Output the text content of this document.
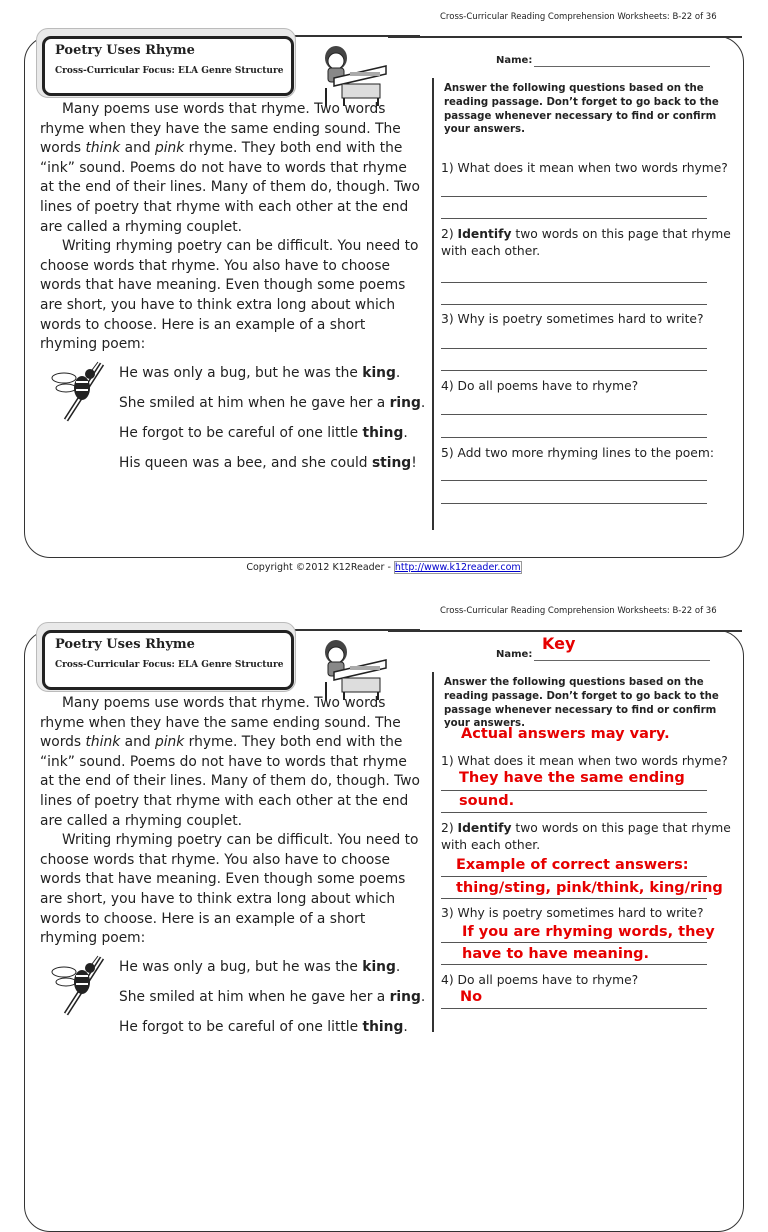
Cross-Curricular Reading Comprehension Worksheets: B-22 of 36
Poetry Uses Rhyme
Cross-Curricular Focus: ELA Genre Structure
Name:

Many poems use words that rhyme. Two words rhyme when they have the same ending sound. The words think and pink rhyme. They both end with the “ink” sound. Poems do not have to words that rhyme at the end of their lines. Many of them do, though. Two lines of poetry that rhyme with each other at the end are called a rhyming couplet.

Writing rhyming poetry can be difficult. You need to choose words that rhyme. You also have to choose words that have meaning. Even though some poems are short, you have to think extra long about which words to choose. Here is an example of a short rhyming poem:

He was only a bug, but he was the king.
She smiled at him when he gave her a ring.
He forgot to be careful of one little thing.
His queen was a bee, and she could sting!
Answer the following questions based on the reading passage. Don’t forget to go back to the passage whenever necessary to find or confirm your answers.
1) What does it mean when two words rhyme?
2) Identify two words on this page that rhyme with each other.
3) Why is poetry sometimes hard to write?
4) Do all poems have to rhyme?
5) Add two more rhyming lines to the poem:
Copyright ©2012 K12Reader - http://www.k12reader.com
Cross-Curricular Reading Comprehension Worksheets: B-22 of 36
Poetry Uses Rhyme
Cross-Curricular Focus: ELA Genre Structure
Name:
Key

Many poems use words that rhyme. Two words rhyme when they have the same ending sound. The words think and pink rhyme. They both end with the “ink” sound. Poems do not have to words that rhyme at the end of their lines. Many of them do, though. Two lines of poetry that rhyme with each other at the end are called a rhyming couplet.

Writing rhyming poetry can be difficult. You need to choose words that rhyme. You also have to choose words that have meaning. Even though some poems are short, you have to think extra long about which words to choose. Here is an example of a short rhyming poem:

He was only a bug, but he was the king.
She smiled at him when he gave her a ring.
He forgot to be careful of one little thing.
Answer the following questions based on the reading passage. Don’t forget to go back to the passage whenever necessary to find or confirm your answers.
Actual answers may vary.
1) What does it mean when two words rhyme?
They have the same ending
sound.
2) Identify two words on this page that rhyme with each other.
Example of correct answers:
thing/sting, pink/think, king/ring
3) Why is poetry sometimes hard to write?
If you are rhyming words, they
have to have meaning.
4) Do all poems have to rhyme?
No
